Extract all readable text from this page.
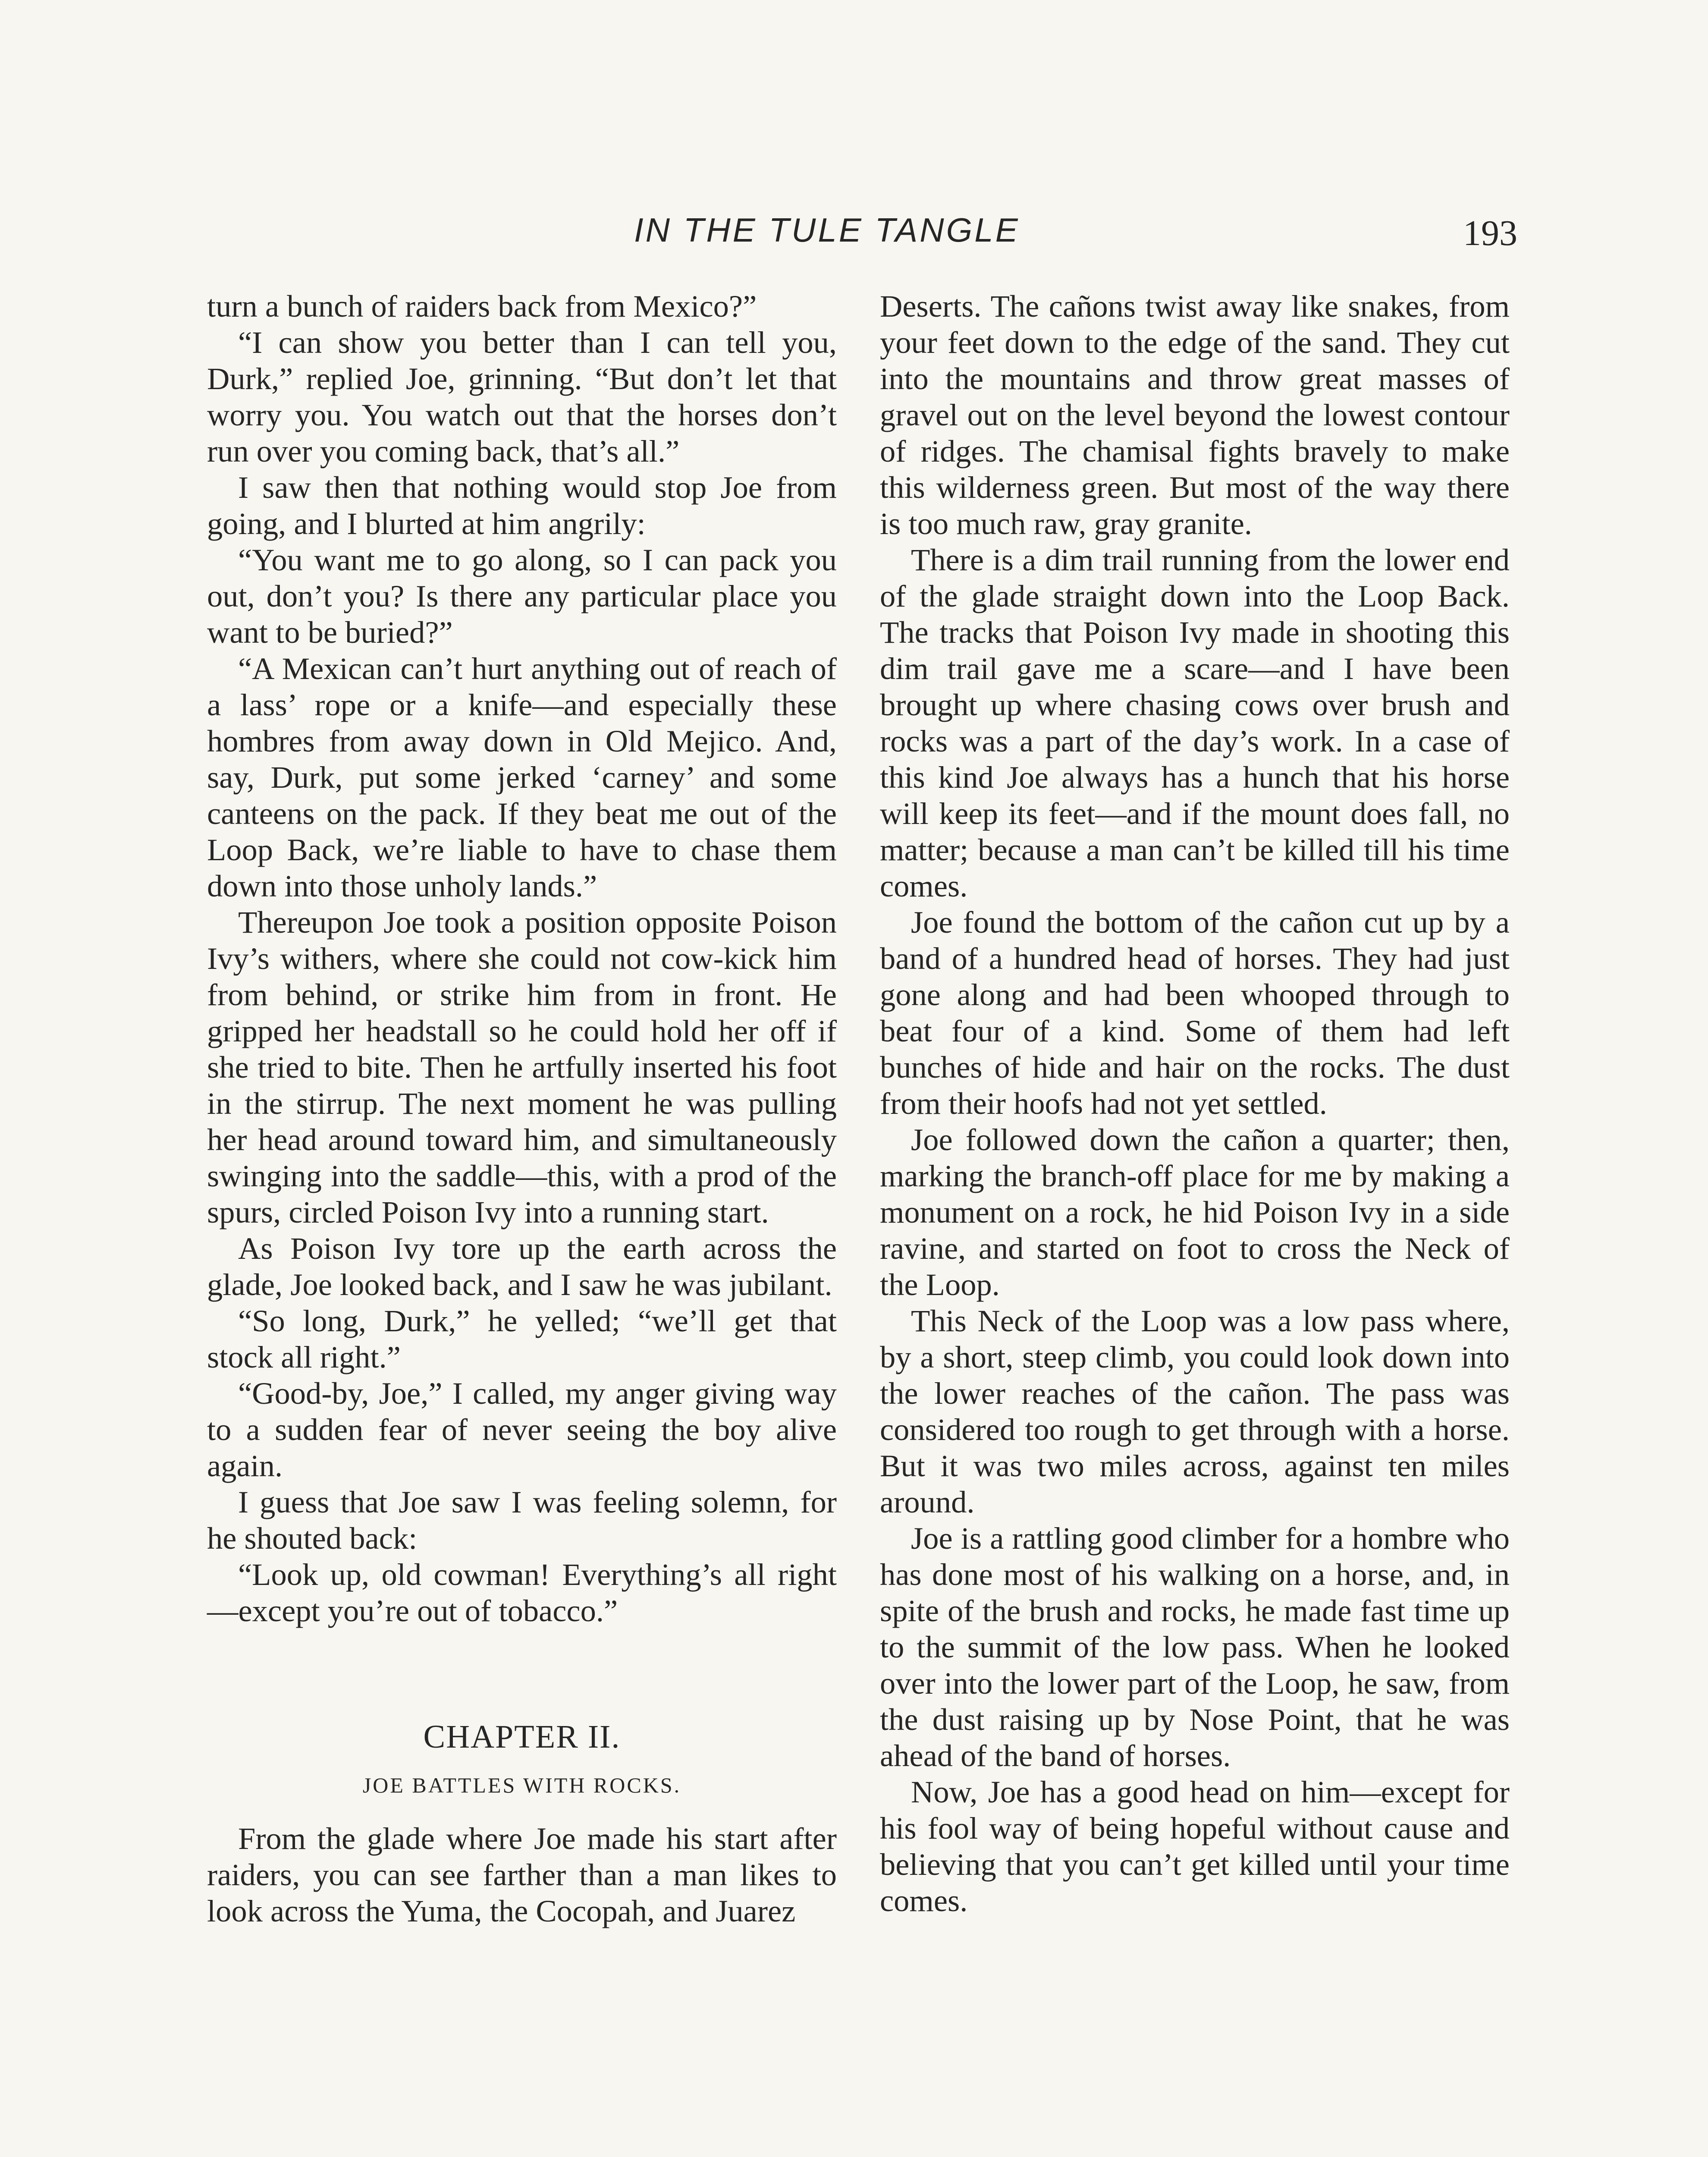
IN THE TULE TANGLE	193

turn a bunch of raiders back from Mexico?”

“I can show you better than I can tell you, Durk,” replied Joe, grinning. “But don’t let that worry you. You watch out that the horses don’t run over you coming back, that’s all.”

I saw then that nothing would stop Joe from going, and I blurted at him angrily:

“You want me to go along, so I can pack you out, don’t you? Is there any particular place you want to be buried?”

“A Mexican can’t hurt anything out of reach of a lass’ rope or a knife—and especially these hombres from away down in Old Mejico. And, say, Durk, put some jerked ‘carney’ and some canteens on the pack. If they beat me out of the Loop Back, we’re liable to have to chase them down into those unholy lands.”

Thereupon Joe took a position opposite Poison Ivy’s withers, where she could not cow-kick him from behind, or strike him from in front. He gripped her headstall so he could hold her off if she tried to bite. Then he artfully inserted his foot in the stirrup. The next moment he was pulling her head around toward him, and simultaneously swinging into the saddle—this, with a prod of the spurs, circled Poison Ivy into a running start.

As Poison Ivy tore up the earth across the glade, Joe looked back, and I saw he was jubilant.

“So long, Durk,” he yelled; “we’ll get that stock all right.”

“Good-by, Joe,” I called, my anger giving way to a sudden fear of never seeing the boy alive again.

I guess that Joe saw I was feeling solemn, for he shouted back:

“Look up, old cowman! Everything’s all right—except you’re out of tobacco.”

CHAPTER II.
JOE BATTLES WITH ROCKS.

From the glade where Joe made his start after raiders, you can see farther than a man likes to look across the Yuma, the Cocopah, and Juarez

Deserts. The cañons twist away like snakes, from your feet down to the edge of the sand. They cut into the mountains and throw great masses of gravel out on the level beyond the lowest contour of ridges. The chamisal fights bravely to make this wilderness green. But most of the way there is too much raw, gray granite.

There is a dim trail running from the lower end of the glade straight down into the Loop Back. The tracks that Poison Ivy made in shooting this dim trail gave me a scare—and I have been brought up where chasing cows over brush and rocks was a part of the day’s work. In a case of this kind Joe always has a hunch that his horse will keep its feet—and if the mount does fall, no matter; because a man can’t be killed till his time comes.

Joe found the bottom of the cañon cut up by a band of a hundred head of horses. They had just gone along and had been whooped through to beat four of a kind. Some of them had left bunches of hide and hair on the rocks. The dust from their hoofs had not yet settled.

Joe followed down the cañon a quarter; then, marking the branch-off place for me by making a monument on a rock, he hid Poison Ivy in a side ravine, and started on foot to cross the Neck of the Loop.

This Neck of the Loop was a low pass where, by a short, steep climb, you could look down into the lower reaches of the cañon. The pass was considered too rough to get through with a horse. But it was two miles across, against ten miles around.

Joe is a rattling good climber for a hombre who has done most of his walking on a horse, and, in spite of the brush and rocks, he made fast time up to the summit of the low pass. When he looked over into the lower part of the Loop, he saw, from the dust raising up by Nose Point, that he was ahead of the band of horses.

Now, Joe has a good head on him—except for his fool way of being hopeful without cause and believing that you can’t get killed until your time comes.
